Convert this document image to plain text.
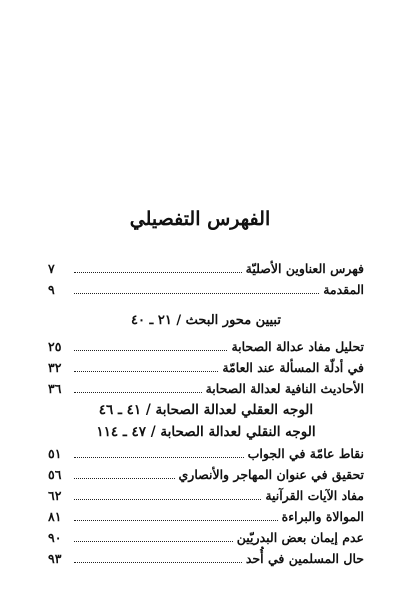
الفهرس التفصيلي
فهرس العناوين الأصليّة
٧
المقدمة
٩
تبيين محور البحث / ٢١ ـ ٤٠
تحليل مفاد عدالة الصحابة
٢٥
في أدلّة المسألة عند العامّة
٣٢
الأحاديث النافية لعدالة الصحابة
٣٦
الوجه العقلي لعدالة الصحابة / ٤١ ـ ٤٦
الوجه النقلي لعدالة الصحابة / ٤٧ ـ ١١٤
نقاط عامّة في الجواب
٥١
تحقيق في عنوان المهاجر والأنصاري
٥٦
مفاد الآيات القرآنية
٦٢
الموالاة والبراءة
٨١
عدم إيمان بعض البدريّين
٩٠
حال المسلمين في أُحد
٩٣
